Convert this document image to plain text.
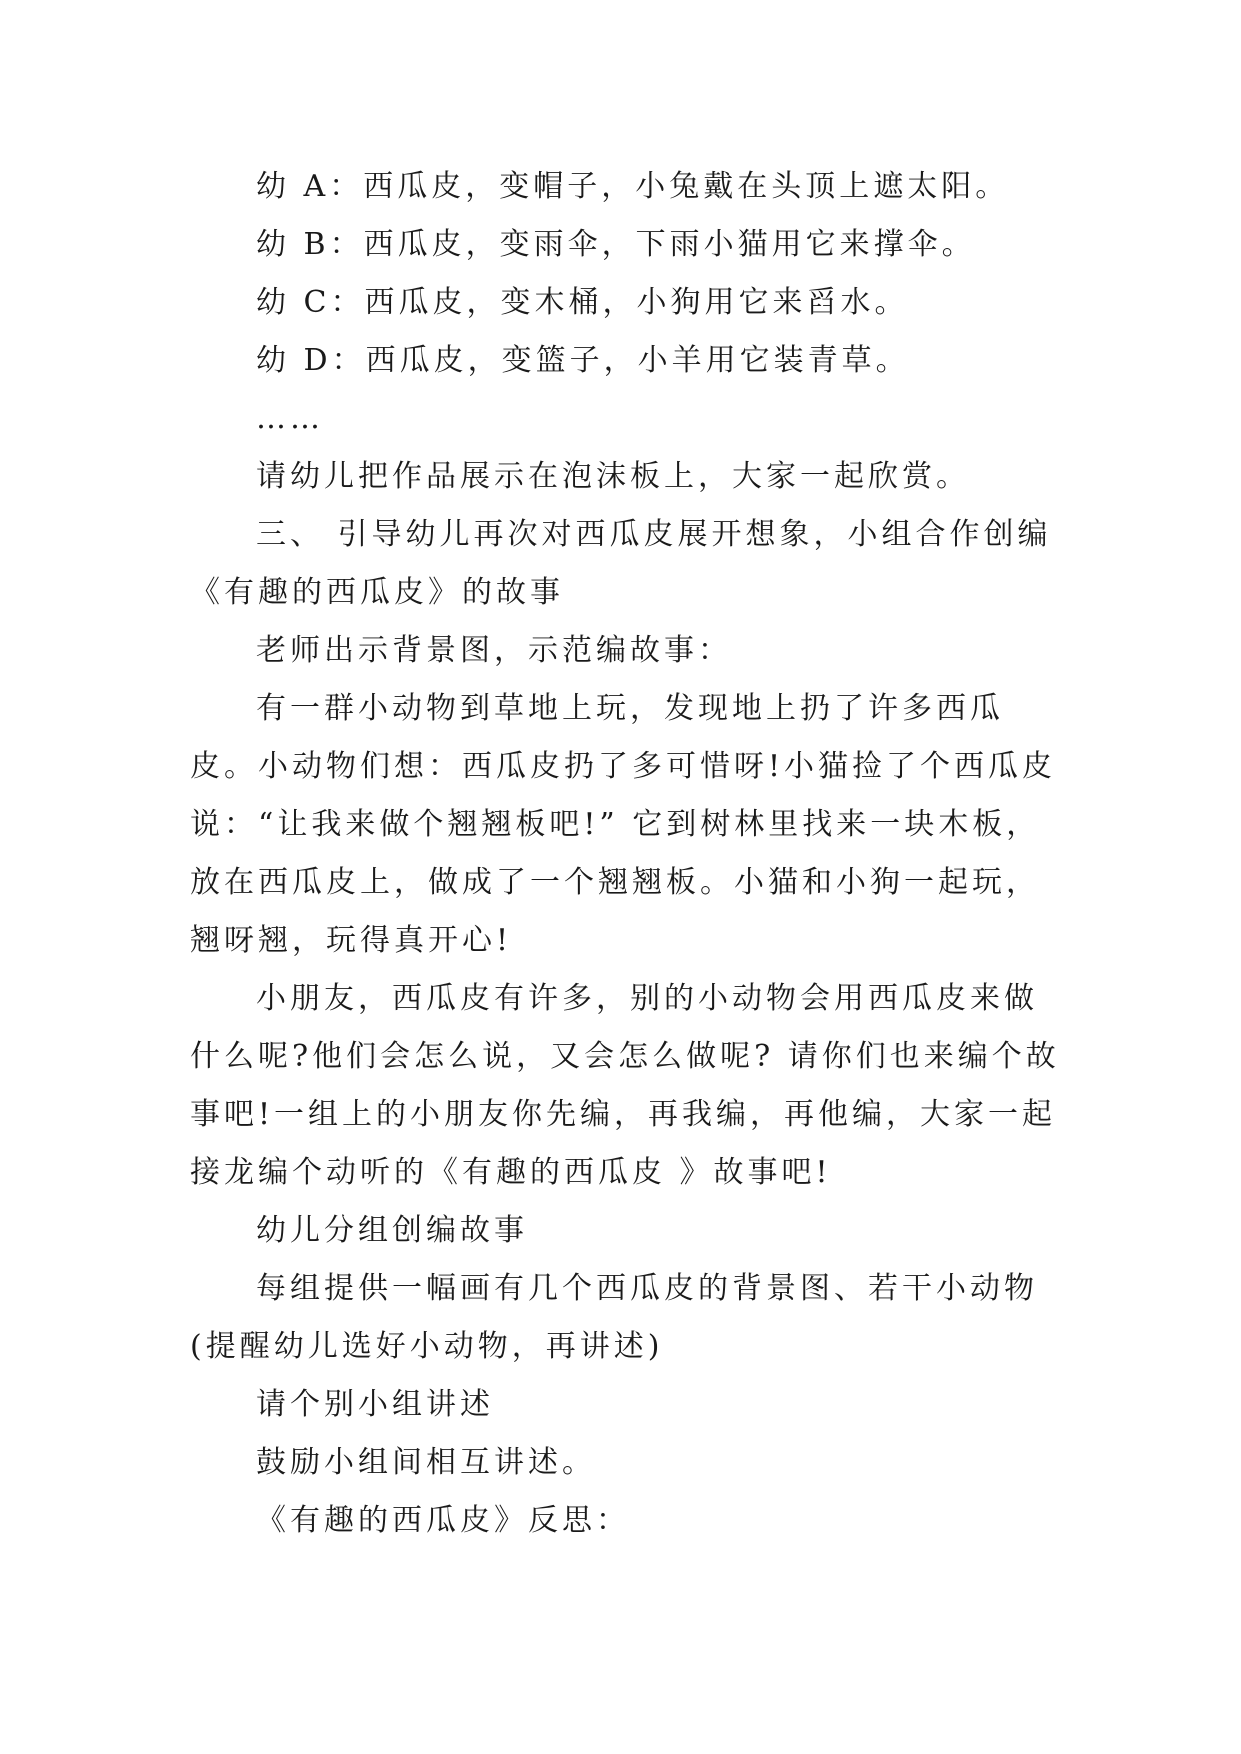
幼 A：西瓜皮，变帽子，小兔戴在头顶上遮太阳。

幼 B：西瓜皮，变雨伞，下雨小猫用它来撑伞。

幼 C：西瓜皮，变木桶，小狗用它来舀水。

幼 D：西瓜皮，变篮子，小羊用它装青草。

……

请幼儿把作品展示在泡沫板上，大家一起欣赏。

三、 引导幼儿再次对西瓜皮展开想象，小组合作创编《有趣的西瓜皮》的故事

老师出示背景图，示范编故事：

有一群小动物到草地上玩，发现地上扔了许多西瓜皮。小动物们想：西瓜皮扔了多可惜呀!小猫捡了个西瓜皮说：“让我来做个翘翘板吧!” 它到树林里找来一块木板，放在西瓜皮上，做成了一个翘翘板。小猫和小狗一起玩，翘呀翘，玩得真开心!

小朋友，西瓜皮有许多，别的小动物会用西瓜皮来做什么呢?他们会怎么说，又会怎么做呢? 请你们也来编个故事吧!一组上的小朋友你先编，再我编，再他编，大家一起接龙编个动听的《有趣的西瓜皮 》故事吧!

幼儿分组创编故事

每组提供一幅画有几个西瓜皮的背景图、若干小动物(提醒幼儿选好小动物，再讲述)

请个别小组讲述

鼓励小组间相互讲述。

《有趣的西瓜皮》反思：
